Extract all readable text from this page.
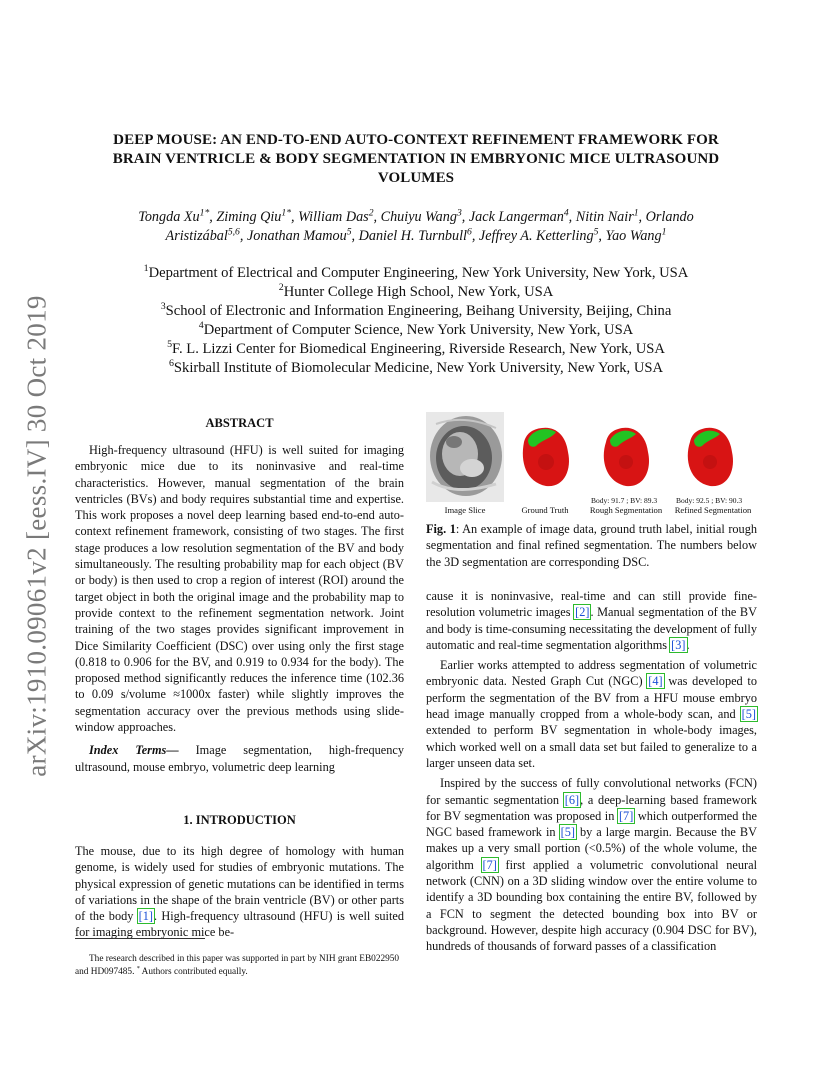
arXiv:1910.09061v2 [eess.IV] 30 Oct 2019
DEEP MOUSE: AN END-TO-END AUTO-CONTEXT REFINEMENT FRAMEWORK FOR
BRAIN VENTRICLE & BODY SEGMENTATION IN EMBRYONIC MICE ULTRASOUND
VOLUMES
Tongda $Xu^{1*}$, Ziming Qiu$^{1*}$, William Das$^2$, Chuiyu Wang$^3$, Jack Langerman$^4$, Nitin Nair$^1$, Orlando
Aristizábal$^{5,6}$, Jonathan Mamou$^5$, Daniel H. Turnbull$^6$, Jeffrey A. Ketterling$^5$, Yao Wang$^1$
$^1$Department of Electrical and Computer Engineering, New York University, New York, USA
$^2$Hunter College High School, New York, USA
$^3$School of Electronic and Information Engineering, Beihang University, Beijing, China
$^4$Department of Computer Science, New York University, New York, USA
$^5$F. L. Lizzi Center for Biomedical Engineering, Riverside Research, New York, USA
$^6$Skirball Institute of Biomolecular Medicine, New York University, New York, USA
ABSTRACT

High-frequency ultrasound (HFU) is well suited for imaging embryonic mice due to its noninvasive and real-time characteristics. However, manual segmentation of the brain ventricles (BVs) and body requires substantial time and expertise. This work proposes a novel deep learning based end-to-end auto-context refinement framework, consisting of two stages. The first stage produces a low resolution segmentation of the BV and body simultaneously. The resulting probability map for each object (BV or body) is then used to crop a region of interest (ROI) around the target object in both the original image and the probability map to provide context to the refinement segmentation network. Joint training of the two stages provides significant improvement in Dice Similarity Coefficient (DSC) over using only the first stage (0.818 to 0.906 for the BV, and 0.919 to 0.934 for the body). The proposed method significantly reduces the inference time (102.36 to 0.09 s/volume ≈1000x faster) while slightly improves the segmentation accuracy over the previous methods using slide-window approaches.

Index Terms— Image segmentation, high-frequency ultrasound, mouse embryo, volumetric deep learning

1. INTRODUCTION

The mouse, due to its high degree of homology with human genome, is widely used for studies of embryonic mutations. The physical expression of genetic mutations can be identified in terms of variations in the shape of the brain ventricle (BV) or other parts of the body [1]. High-frequency ultrasound (HFU) is well suited for imaging embryonic mice be-

The research described in this paper was supported in part by NIH grant EB022950 and HD097485. * Authors contributed equally.
Image Slice	Ground Truth
Body: 91.7 ; BV: 89.3
Rough Segmentation
Body: 92.5 ; BV: 90.3
Refined Segmentation
Fig. 1: An example of image data, ground truth label, initial rough segmentation and final refined segmentation. The numbers below the 3D segmentation are corresponding DSC.

cause it is noninvasive, real-time and can still provide fine-resolution volumetric images [2]. Manual segmentation of the BV and body is time-consuming necessitating the development of fully automatic and real-time segmentation algorithms [3].

Earlier works attempted to address segmentation of volumetric embryonic data. Nested Graph Cut (NGC) [4] was developed to perform the segmentation of the BV from a HFU mouse embryo head image manually cropped from a whole-body scan, and [5] extended to perform BV segmentation in whole-body images, which worked well on a small data set but failed to generalize to a larger unseen data set.

Inspired by the success of fully convolutional networks (FCN) for semantic segmentation [6], a deep-learning based framework for BV segmentation was proposed in [7] which outperformed the NGC based framework in [5] by a large margin. Because the BV makes up a very small portion (<0.5%) of the whole volume, the algorithm [7] first applied a volumetric convolutional neural network (CNN) on a 3D sliding window over the entire volume to identify a 3D bounding box containing the entire BV, followed by a FCN to segment the detected bounding box into BV or background. However, despite high accuracy (0.904 DSC for BV), hundreds of thousands of forward passes of a classification
